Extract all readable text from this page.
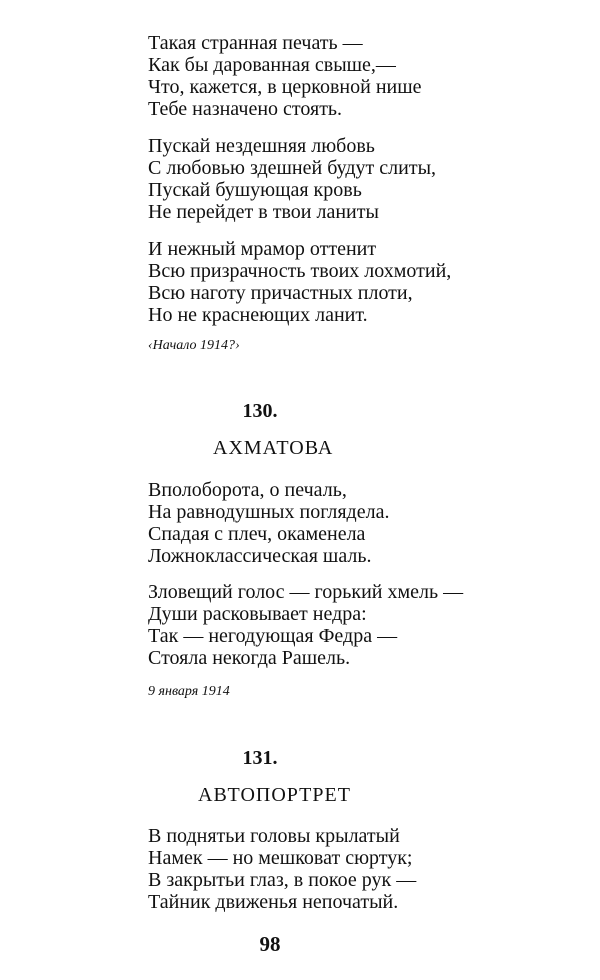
Такая странная печать —
Как бы дарованная свыше,—
Что, кажется, в церковной нише
Тебе назначено стоять.
Пускай нездешняя любовь
С любовью здешней будут слиты,
Пускай бушующая кровь
Не перейдет в твои ланиты
И нежный мрамор оттенит
Всю призрачность твоих лохмотий,
Всю наготу причастных плоти,
Но не краснеющих ланит.
‹Начало 1914?›
130.
АХМАТОВА
Вполоборота, о печаль,
На равнодушных поглядела.
Спадая с плеч, окаменела
Ложноклассическая шаль.
Зловещий голос — горький хмель —
Души расковывает недра:
Так — негодующая Федра —
Стояла некогда Рашель.
9 января 1914
131.
АВТОПОРТРЕТ
В поднятьи головы крылатый
Намек — но мешковат сюртук;
В закрытьи глаз, в покое рук —
Тайник движенья непочатый.
98
